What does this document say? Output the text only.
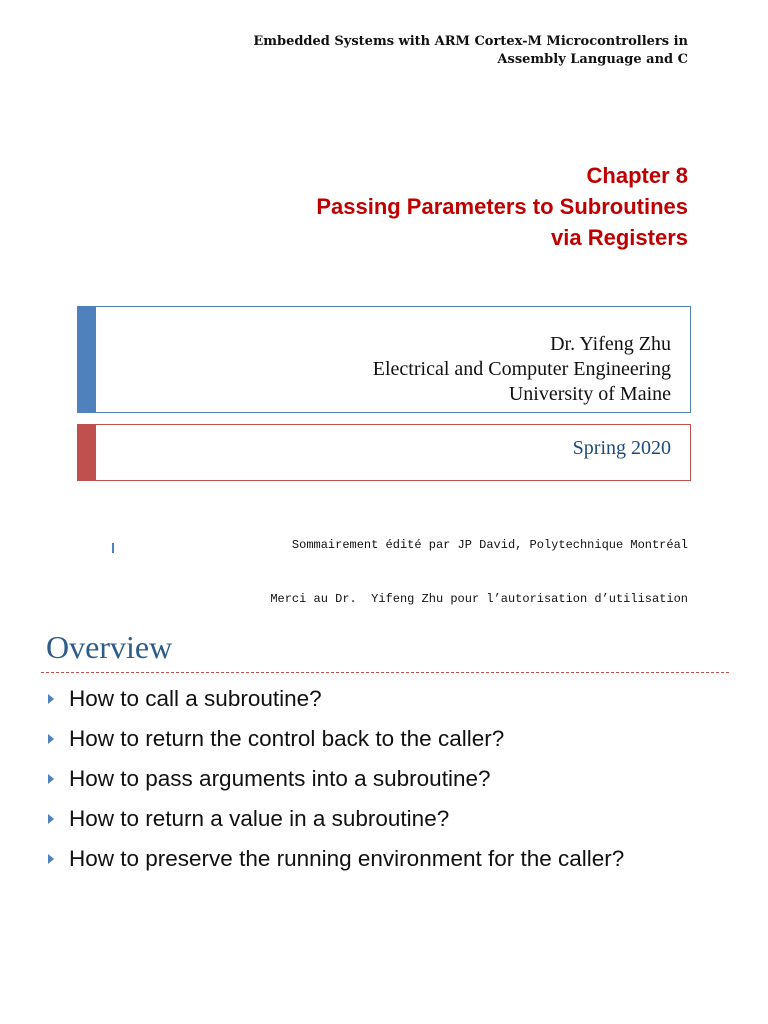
Embedded Systems with ARM Cortex-M Microcontrollers in
Assembly Language and C
Chapter 8
Passing Parameters to Subroutines
via Registers
Dr. Yifeng Zhu
Electrical and Computer Engineering
University of Maine
Spring 2020

Sommairement édité par JP David, Polytechnique Montréal

Merci au Dr.  Yifeng Zhu pour l’autorisation d’utilisation

Overview
How to call a subroutine?
How to return the control back to the caller?
How to pass arguments into a subroutine?
How to return a value in a subroutine?
How to preserve the running environment for the caller?
